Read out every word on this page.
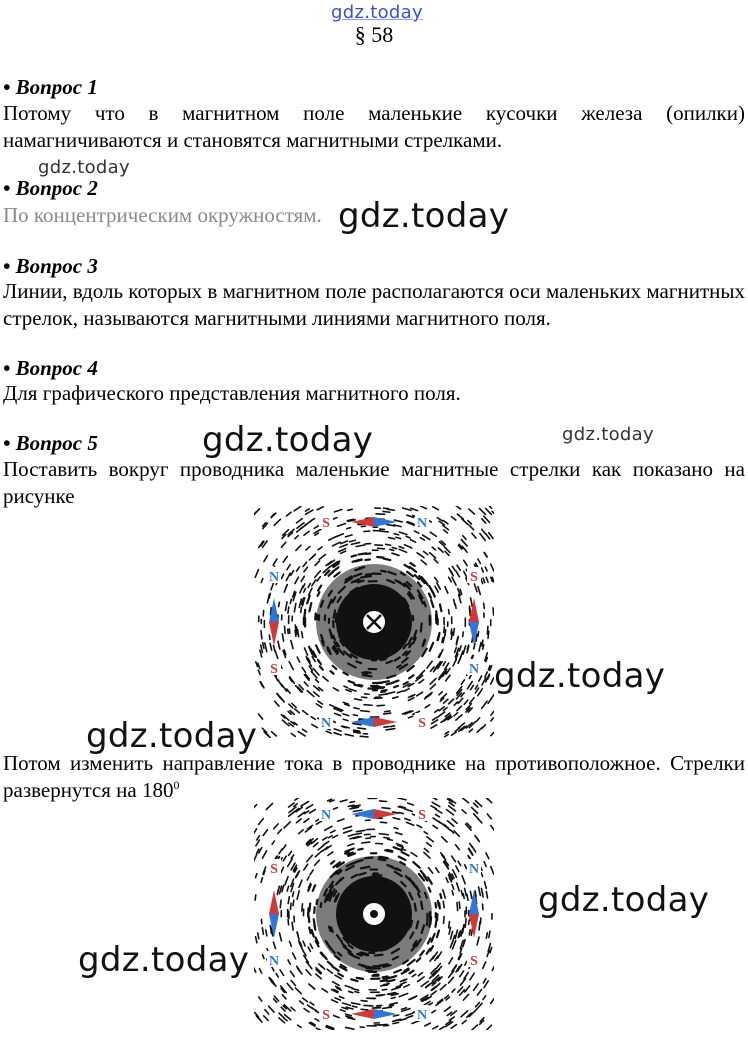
gdz.today
§ 58
• Вопрос 1
Потому что в магнитном поле маленькие кусочки железа (опилки) намагничиваются и становятся магнитными стрелками.
gdz.today
• Вопрос 2
По концентрическим окружностям. gdz.today
• Вопрос 3
Линии, вдоль которых в магнитном поле располагаются оси маленьких магнитных стрелок, называются магнитными линиями магнитного поля.
• Вопрос 4
Для графического представления магнитного поля.
• Вопрос 5	gdz.today	gdz.today
Поставить вокруг проводника маленькие магнитные стрелки как показано на рисунке
S	N
N	S
N
S
S
N gdz.today
gdz.today
Потом изменить направление тока в проводнике на противоположное. Стрелки развернутся на $180^0$
N	S
S	N
S
N
N
S
gdz.today
gdz.today
